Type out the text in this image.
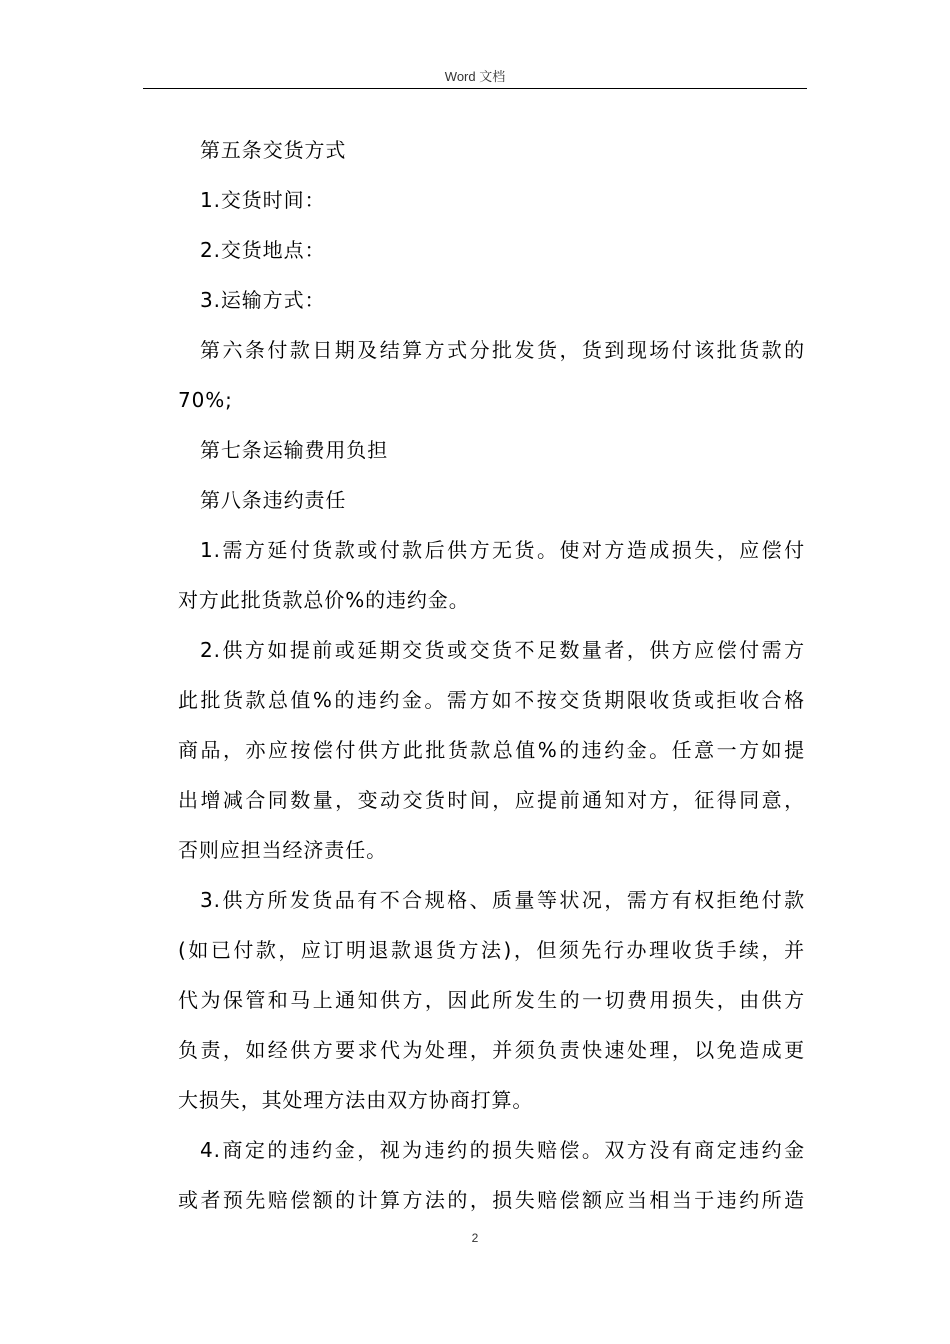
Word 文档

第五条交货方式

1.交货时间：

2.交货地点：

3.运输方式：

第六条付款日期及结算方式分批发货，货到现场付该批货款的
70%;

第七条运输费用负担

第八条违约责任

1.需方延付货款或付款后供方无货。使对方造成损失，应偿付
对方此批货款总价%的违约金。

2.供方如提前或延期交货或交货不足数量者，供方应偿付需方
此批货款总值%的违约金。需方如不按交货期限收货或拒收合格
商品，亦应按偿付供方此批货款总值%的违约金。任意一方如提
出增减合同数量，变动交货时间，应提前通知对方，征得同意，
否则应担当经济责任。

3.供方所发货品有不合规格、质量等状况，需方有权拒绝付款
(如已付款，应订明退款退货方法)，但须先行办理收货手续，并
代为保管和马上通知供方，因此所发生的一切费用损失，由供方
负责，如经供方要求代为处理，并须负责快速处理，以免造成更
大损失，其处理方法由双方协商打算。

4.商定的违约金，视为违约的损失赔偿。双方没有商定违约金
或者预先赔偿额的计算方法的，损失赔偿额应当相当于违约所造

2
